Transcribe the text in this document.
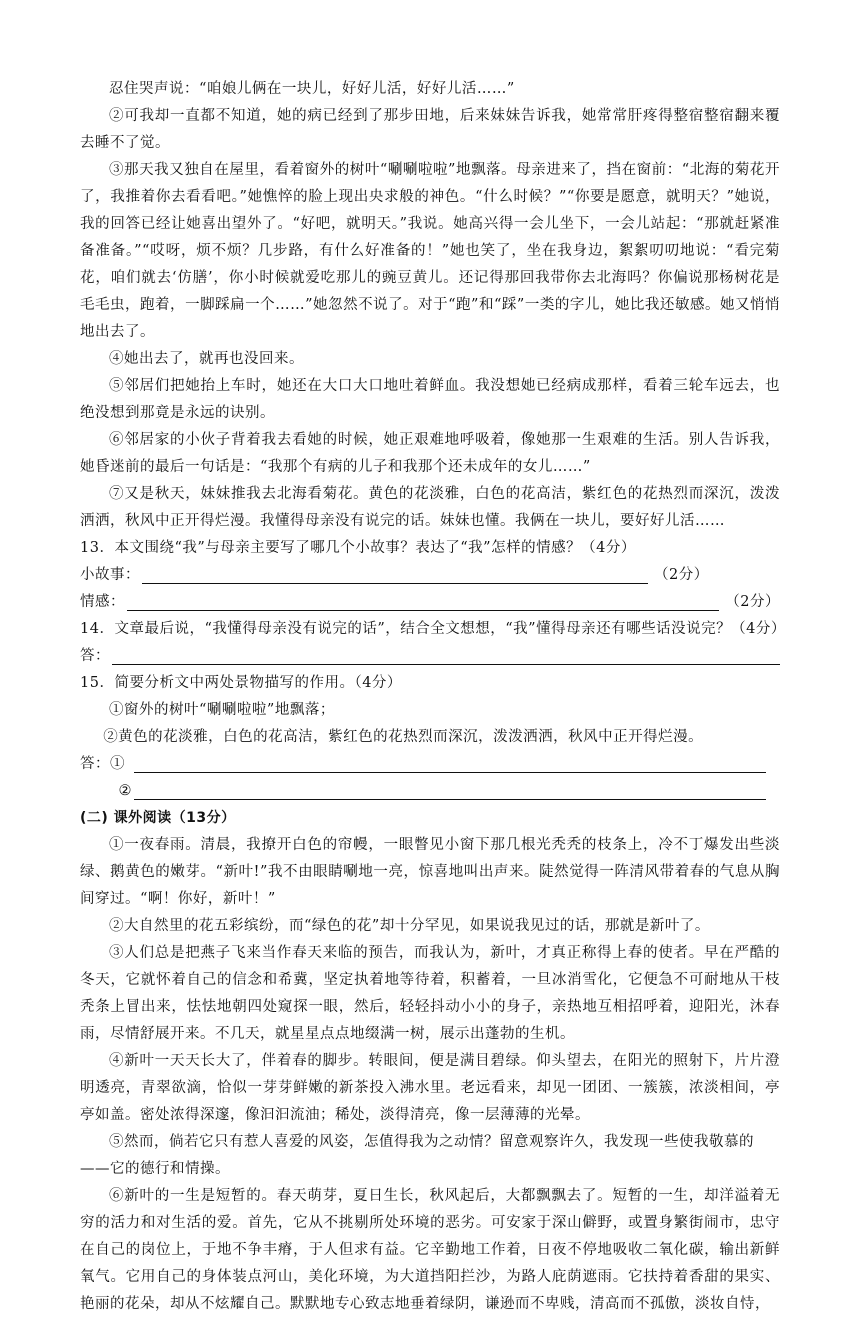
忍住哭声说：“咱娘儿俩在一块儿，好好儿活，好好儿活……”

②可我却一直都不知道，她的病已经到了那步田地，后来妹妹告诉我，她常常肝疼得整宿整宿翻来覆去睡不了觉。

③那天我又独自在屋里，看着窗外的树叶“唰唰啦啦”地飘落。母亲进来了，挡在窗前：“北海的菊花开了，我推着你去看看吧。”她憔悴的脸上现出央求般的神色。“什么时候？”“你要是愿意，就明天？”她说，我的回答已经让她喜出望外了。“好吧，就明天。”我说。她高兴得一会儿坐下，一会儿站起：“那就赶紧准备准备。”“哎呀，烦不烦？几步路，有什么好准备的！”她也笑了，坐在我身边，絮絮叨叨地说：“看完菊花，咱们就去‘仿膳’，你小时候就爱吃那儿的豌豆黄儿。还记得那回我带你去北海吗？你偏说那杨树花是毛毛虫，跑着，一脚踩扁一个……”她忽然不说了。对于“跑”和“踩”一类的字儿，她比我还敏感。她又悄悄地出去了。

④她出去了，就再也没回来。

⑤邻居们把她抬上车时，她还在大口大口地吐着鲜血。我没想她已经病成那样，看着三轮车远去，也绝没想到那竟是永远的诀别。

⑥邻居家的小伙子背着我去看她的时候，她正艰难地呼吸着，像她那一生艰难的生活。别人告诉我，她昏迷前的最后一句话是：“我那个有病的儿子和我那个还未成年的女儿……”

⑦又是秋天，妹妹推我去北海看菊花。黄色的花淡雅，白色的花高洁，紫红色的花热烈而深沉，泼泼洒洒，秋风中正开得烂漫。我懂得母亲没有说完的话。妹妹也懂。我俩在一块儿，要好好儿活……

13．本文围绕“我”与母亲主要写了哪几个小故事？表达了“我”怎样的情感？（4分）

小故事：	（2分）
情感：	（2分）

14．文章最后说，“我懂得母亲没有说完的话”，结合全文想想，“我”懂得母亲还有哪些话没说完？（4分）

答：

15．简要分析文中两处景物描写的作用。（4分）

①窗外的树叶“唰唰啦啦”地飘落；

②黄色的花淡雅，白色的花高洁，紫红色的花热烈而深沉，泼泼洒洒，秋风中正开得烂漫。

答：①
②

(二) 课外阅读（13分）

①一夜春雨。清晨，我撩开白色的帘幔，一眼瞥见小窗下那几根光秃秃的枝条上，冷不丁爆发出些淡绿、鹅黄色的嫩芽。“新叶!”我不由眼睛唰地一亮，惊喜地叫出声来。陡然觉得一阵清风带着春的气息从胸间穿过。“啊！你好，新叶！”

②大自然里的花五彩缤纷，而“绿色的花”却十分罕见，如果说我见过的话，那就是新叶了。

③人们总是把燕子飞来当作春天来临的预告，而我认为，新叶，才真正称得上春的使者。早在严酷的冬天，它就怀着自己的信念和希冀，坚定执着地等待着，积蓄着，一旦冰消雪化，它便急不可耐地从干枝秃条上冒出来，怯怯地朝四处窥探一眼，然后，轻轻抖动小小的身子，亲热地互相招呼着，迎阳光，沐春雨，尽情舒展开来。不几天，就星星点点地缀满一树，展示出蓬勃的生机。

④新叶一天天长大了，伴着春的脚步。转眼间，便是满目碧绿。仰头望去，在阳光的照射下，片片澄明透亮，青翠欲滴，恰似一芽芽鲜嫩的新茶投入沸水里。老远看来，却见一团团、一簇簇，浓淡相间，亭亭如盖。密处浓得深邃，像汩汩流油；稀处，淡得清亮，像一层薄薄的光晕。

⑤然而，倘若它只有惹人喜爱的风姿，怎值得我为之动情？留意观察许久，我发现一些使我敬慕的

——它的德行和情操。

⑥新叶的一生是短暂的。春天萌芽，夏日生长，秋风起后，大都飘飘去了。短暂的一生，却洋溢着无穷的活力和对生活的爱。首先，它从不挑剔所处环境的恶劣。可安家于深山僻野，或置身繁街闹市，忠守在自己的岗位上，于地不争丰瘠，于人但求有益。它辛勤地工作着，日夜不停地吸收二氧化碳，输出新鲜氧气。它用自己的身体装点河山，美化环境，为大道挡阳拦沙，为路人庇荫遮雨。它扶持着香甜的果实、艳丽的花朵，却从不炫耀自己。默默地专心致志地垂着绿阴，谦逊而不卑贱，清高而不孤傲，淡妆自恃，
